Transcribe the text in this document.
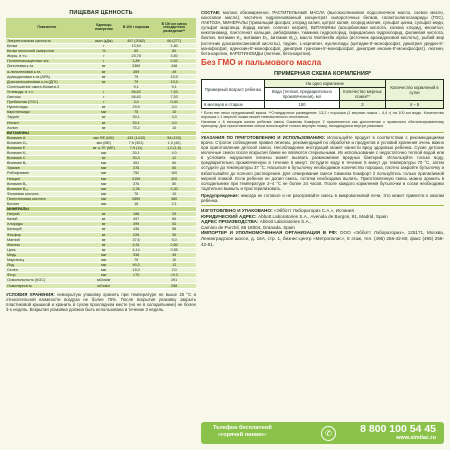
ПИЩЕВАЯ ЦЕННОСТЬ
Показатели	Единицы измерения	В 100 г порошка	В 100 мл смеси стандартного разведения**
Энергетическая ценность	ккал (кДж)	497 (2082)	66 (277)
Белки	г	13,54	1,80
Белки молочной сыворотки	%	60	60
Жиры, в т.ч.	г	25,78	3,50
Полиненасыщенные ж/к	г	3,89	0,52
Линолевая к-та	мг	3369	448
α-линоленовая к-та	мг	369	49
Арахидоновая к-та (АРА)	мг	79	10,5
Докозагексаеновая к-та (ДГК)	мг	79	10,5
Соотношение омега-6/омега-3		9,1	9,1
Углеводы, в т.ч.	г	56,62	7,53
Лактоза	г	56,62	7,53
Пребиотики (ГОС)	г	3,0	0,40
Нуклеотиды	мг	29,9	4,0
Каротиноиды	мкг	75	10
Таурин	мг	30,1	4,0
Инозит	мг	30,1	4,0
Холин	мг	75,2	10
ВИТАМИНЫ			
Витамин А	мкг RE (МЕ)	433 (1443)	58 (193)
Витамин D₃	мкг (МЕ)	7,5 (301)	1,0 (40)
Витамин E	мг α-TE (МЕ)	7,5 (11)	1,0 (1,5)
Витамин K₁	мкг	30,1	4,0
Витамин С	мг	90,3	12
Витамин B₁	мкг	451	60
Тиамин	мкг	376	50
Рибофлавин	мкг	752	100
Ниацин	мкг	3159	420
Витамин B₆	мкг	376	50
Витамин B₁₂	мкг	2,26	0,30
Фолиевая кислота	мкг	75	10
Пантотеновая кислота	мкг	2859	380
Биотин	мкг	16	2,1
МИНЕРАЛЫ			
Натрий	мг	188	25
Калий	мг	497	66
Хлориды	мг	399	53
Кальций	мг	436	58
Фосфор	мг	226	30
Магний	мг	37,6	5,0
Железо	мг	4,51	0,60
Цинк	мг	4,14	0,55
Медь	мкг	338	45
Марганец	мкг	75	10
Йод	мкг	90,3	12
Селен	мкг	15,0	2,0
Фтор	мкг	<70	<9,3
Осмоляльность (КОС)	мОсм/кг		291
Осмолярность	мОсм/л		258
УСЛОВИЯ ХРАНЕНИЯ: невскрытую упаковку хранить при температуре не выше 25 °С и относительной влажности воздуха не более 75%. После вскрытия упаковку закрыть пластиковой крышкой и хранить в сухом прохладном месте (но не в холодильнике) не более 3-х недель. Вскрытая упаковка должна быть использована в течение 3 недель.
СОСТАВ: молоко обезжиренное, РАСТИТЕЛЬНЫЕ МАСЛА (высокоолеиновое подсолнечное масло, соевое масло, кокосовое масло), частично гидролизованный концентрат сывороточных белков, галактоолигосахариды (ГОС), ЛАКТОЗА, МИНЕРАЛЫ (трикальций фосфат, хлорид калия, цитрат калия, хлорид магния, сульфат цинка, сульфат меди, сульфат марганца, йодид калия, селенат натрия), ВИТАМИНЫ (аскорбиновая кислота, холина хлорид, инозитол, никотинамид, пантотенат кальция, рибофлавин, тиамина гидрохлорид, пиридоксина гидрохлорид, фолиевая кислота, биотин, витамин K₁, витамин D₃, витамин B₁₂), масло Mortierella alpina (источник арахидоновой кислоты), рыбий жир (источник докозагексаеновой кислоты), таурин, L-карнитин, нуклеотиды (цитидин-5'-монофосфат, динатрия уридин-5'-монофосфат, аденозин-5'-монофосфат, динатрия гуанозин-5'-монофосфат, динатрия инозин-5'-монофосфат), лютеин, бета-каротин, КАРОТИНОИДЫ (лютеин, бета-каротин).
Без ГМО и пальмового масла
ПРИМЕРНАЯ СХЕМА КОРМЛЕНИЯ*
Примерный возраст ребенка	На одно кормление		Количество кормлений в сутки
	Вода (теплая, предварительно прокипяченная), мл	Количество мерных ложек**	
6 месяцев и старше	180	3	4 – 5
* Если нет иных предписаний врача. **Стандартное разведение: 13,2 г порошка (1 мерная ложка – 4,4 г) на 100 мл воды. Количество порошка с 1 мерной ложки может незначительно отличаться.
Начиная с 6 месяцев жизни ребенка смесь Симилак Комфорт 2 применяется как дополнение к правильно сбалансированному прикорму. Для приготовления смеси используйте только мерную ложку, находящуюся внутри упаковки.
УКАЗАНИЯ ПО ПРИГОТОВЛЕНИЮ И ИСПОЛЬЗОВАНИЮ: Используйте продукт в соответствии с рекомендациями врача. Строгое соблюдение правил гигиены, рекомендаций по обработке и продуктов и условий хранения очень важно при приготовлении детской смеси. Несоблюдение инструкций может нанести вред здоровью ребенка. Сухие детские молочные смеси после вскрытия банки не являются стерильными. Их использование с недостаточно теплой водой или в условиях нарушения гигиены может вызвать размножение вредных бактерий. Используйте только воду, предварительно прокипяченную в течение 5 минут. Остудите воду в течение 5 минут до температуры 70 °С, затем остудите до температуры 37 °С. Насыпьте в бутылочку необходимое количество порошка, плотно закройте бутылочку и взбалтывайте до полного растворения. Для отмеривания смеси Симилак Комфорт 2 пользуйтесь только прилагаемой мерной ложкой. Если ребенок не допил смесь, остатки необходимо вылить. Приготовленную смесь можно хранить в холодильнике при температуре 2–4 °С не более 24 часов. После каждого кормления бутылочки и соски необходимо тщательно вымыть и простерилизовать.
Предупреждение: никогда не готовьте и не разогревайте смесь в микроволновой печи. Это может привести к ожогам ребенка.
ИЗГОТОВЛЕНО И УПАКОВАНО: «Эбботт Лабораториз С.А.», Испания
ЮРИДИЧЕСКИЙ АДРЕС: Abbott Laboratories S.A., Avenida de Burgos, 91, Madrid, Spain
АДРЕС ПРОИЗВОДСТВА: Abbott Laboratories S.A.,
Camino de Purchil, 68 18004, Granada, Spain
ИМПОРТЕР И УПОЛНОМОЧЕННАЯ ОРГАНИЗАЦИЯ В РФ: ООО «Эбботт Лэбораториз», 125171, Москва, Ленинградское шоссе, д. 16А, стр. 1, бизнес-центр «Метрополис», 6 этаж, тел. (495) 258-42-80, факс (495) 258-42-81.
Телефон бесплатной
«горячей линии»:	✆	8 800 100 54 45
www.similac.ru
